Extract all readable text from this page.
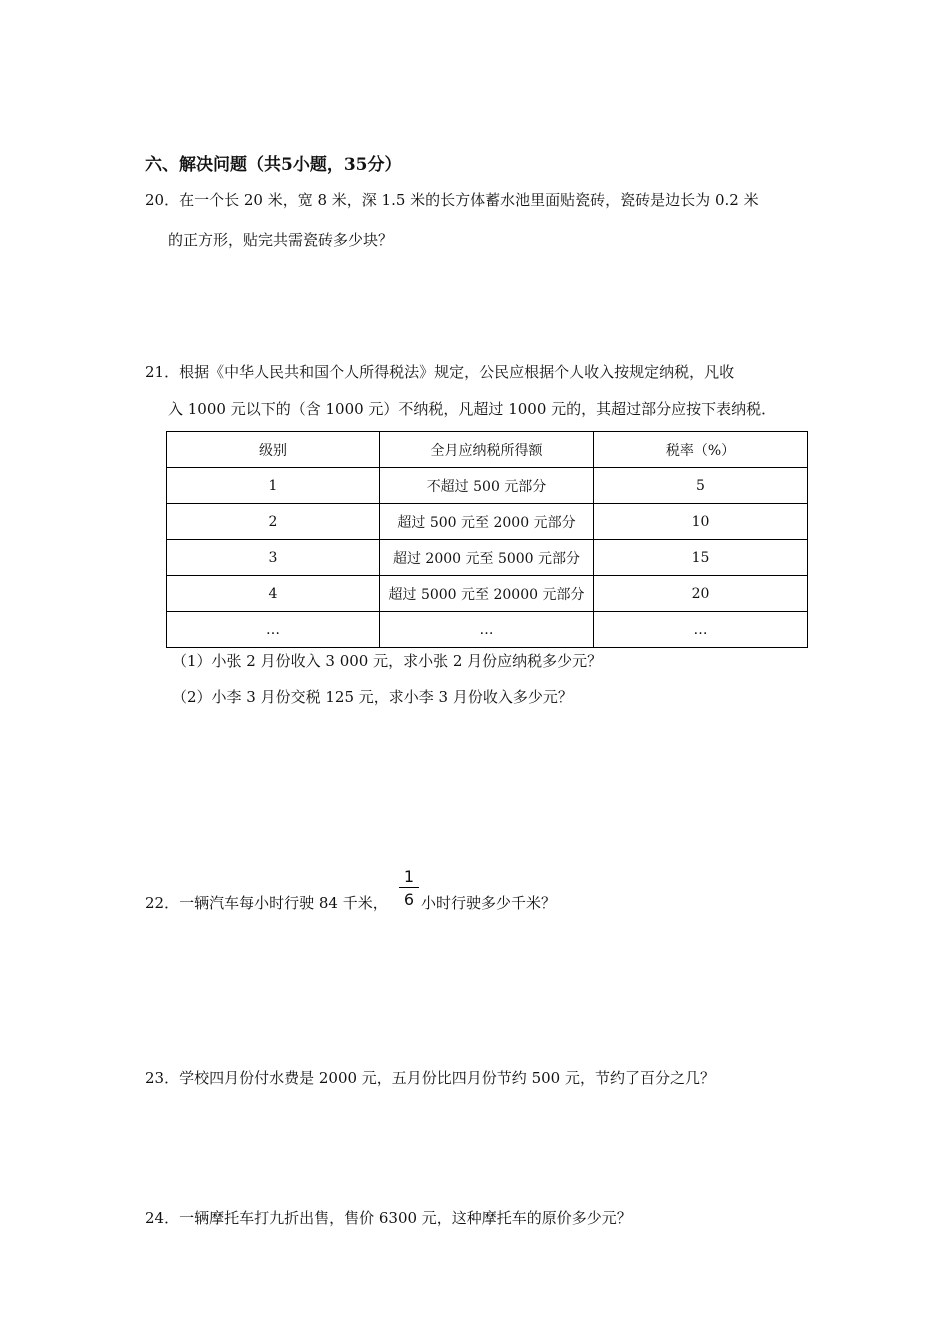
六、解决问题（共5小题，35分）
20．在一个长 20 米，宽 8 米，深 1.5 米的长方体蓄水池里面贴瓷砖，瓷砖是边长为 0.2 米
的正方形，贴完共需瓷砖多少块？
21．根据《中华人民共和国个人所得税法》规定，公民应根据个人收入按规定纳税，凡收
入 1000 元以下的（含 1000 元）不纳税，凡超过 1000 元的，其超过部分应按下表纳税．
级别	全月应纳税所得额	税率（%）
1	不超过 500 元部分	5
2	超过 500 元至 2000 元部分	10
3	超过 2000 元至 5000 元部分	15
4	超过 5000 元至 20000 元部分	20
…	…	…
（1）小张 2 月份收入 3 000 元，求小张 2 月份应纳税多少元？
（2）小李 3 月份交税 125 元，求小李 3 月份收入多少元？
22．一辆汽车每小时行驶 84 千米，
1
6 小时行驶多少千米？
23．学校四月份付水费是 2000 元，五月份比四月份节约 500 元，节约了百分之几？
24．一辆摩托车打九折出售，售价 6300 元，这种摩托车的原价多少元？
